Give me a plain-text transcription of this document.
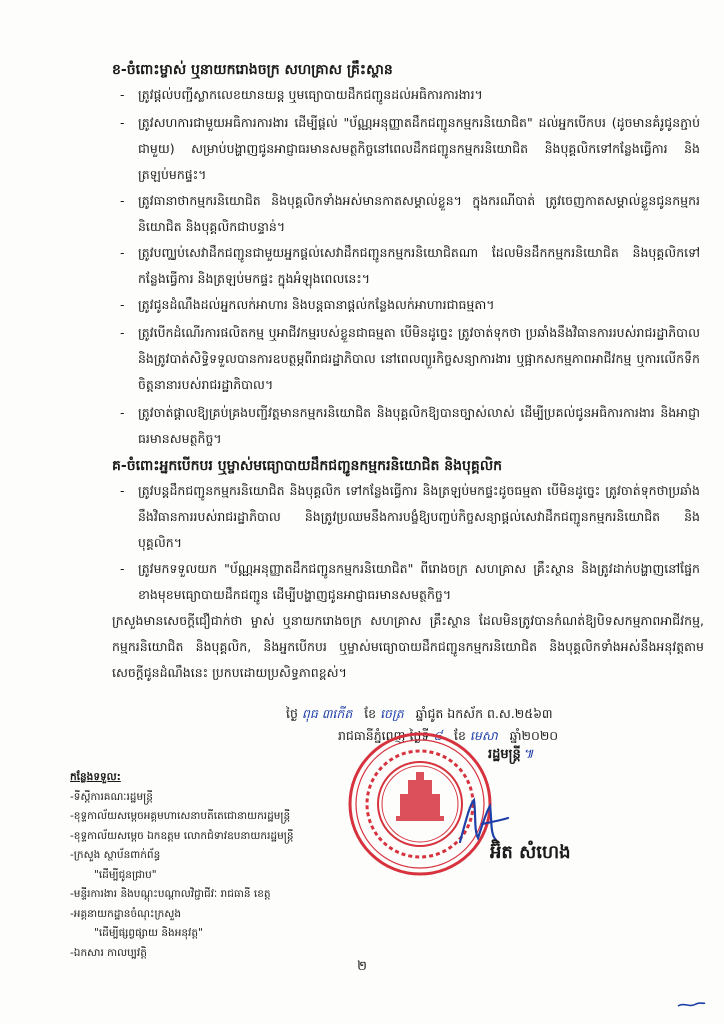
ខ-ចំពោះម្ចាស់ ឬនាយករោងចក្រ សហគ្រាស គ្រឹះស្ថាន
- ត្រូវផ្ដល់បញ្ជីស្លាកលេខយានយន្ត ឬមធ្យោបាយដឹកជញ្ជូនដល់អធិការការងារ។
- ត្រូវសហការជាមួយអធិការការងារ ដើម្បីផ្ដល់ "ប័ណ្ណអនុញ្ញាតដឹកជញ្ជូនកម្មករនិយោជិត" ដល់អ្នកបើកបរ (ដូចមានគំរូជូនភ្ជាប់ជាមួយ) សម្រាប់បង្ហាញជូនអាជ្ញាធរមានសមត្ថកិច្ចនៅពេលដឹកជញ្ជូនកម្មករនិយោជិត និងបុគ្គលិកទៅកន្លែងធ្វើការ និងត្រឡប់មកផ្ទះ។
- ត្រូវធានាថាកម្មករនិយោជិត និងបុគ្គលិកទាំងអស់មានកាតសម្គាល់ខ្លួន។ ក្នុងករណីបាត់ ត្រូវចេញកាតសម្គាល់ខ្លួនជូនកម្មករនិយោជិត និងបុគ្គលិកជាបន្ទាន់។
- ត្រូវបញ្ឈប់សេវាដឹកជញ្ជូនជាមួយអ្នកផ្ដល់សេវាដឹកជញ្ជូនកម្មករនិយោជិតណា ដែលមិនដឹកកម្មករនិយោជិត និងបុគ្គលិកទៅកន្លែងធ្វើការ និងត្រឡប់មកផ្ទះ ក្នុងអំឡុងពេលនេះ។
- ត្រូវជូនដំណឹងដល់អ្នកលក់អាហារ និងបន្តធានាផ្ដល់កន្លែងលក់អាហារជាធម្មតា។
- ត្រូវបើកដំណើរការផលិតកម្ម ឬអាជីវកម្មរបស់ខ្លួនជាធម្មតា បើមិនដូច្នេះ ត្រូវចាត់ទុកថា ប្រឆាំងនឹងវិធានការរបស់រាជរដ្ឋាភិបាល និងត្រូវបាត់សិទ្ធិទទួលបានការឧបត្ថម្ភពីរាជរដ្ឋាភិបាល នៅពេលព្យួរកិច្ចសន្យាការងារ ឬផ្អាកសកម្មភាពអាជីវកម្ម ឬការលើកទឹកចិត្តនានារបស់រាជរដ្ឋាភិបាល។
- ត្រូវចាត់ផ្ដាលឱ្យគ្រប់គ្រងបញ្ជីវត្តមានកម្មករនិយោជិត និងបុគ្គលិកឱ្យបានច្បាស់លាស់ ដើម្បីប្រគល់ជូនអធិការការងារ និងអាជ្ញាធរមានសមត្ថកិច្ច។
គ-ចំពោះអ្នកបើកបរ ឬម្ចាស់មធ្យោបាយដឹកជញ្ជូនកម្មករនិយោជិត និងបុគ្គលិក
- ត្រូវបន្តដឹកជញ្ជូនកម្មករនិយោជិត និងបុគ្គលិក ទៅកន្លែងធ្វើការ និងត្រឡប់មកផ្ទះដូចធម្មតា បើមិនដូច្នេះ ត្រូវចាត់ទុកថាប្រឆាំងនឹងវិធានការរបស់រាជរដ្ឋាភិបាល និងត្រូវប្រឈមនឹងការបង្ខំឱ្យបញ្ចប់កិច្ចសន្យាផ្ដល់សេវាដឹកជញ្ជូនកម្មករនិយោជិត និងបុគ្គលិក។
- ត្រូវមកទទួលយក "ប័ណ្ណអនុញ្ញាតដឹកជញ្ជូនកម្មករនិយោជិត" ពីរោងចក្រ សហគ្រាស គ្រឹះស្ថាន និងត្រូវដាក់បង្ហាញនៅផ្នែកខាងមុខមធ្យោបាយដឹកជញ្ជូន ដើម្បីបង្ហាញជូនអាជ្ញាធរមានសមត្ថកិច្ច។
ក្រសួងមានសេចក្ដីជឿជាក់ថា ម្ចាស់ ឬនាយករោងចក្រ សហគ្រាស គ្រឹះស្ថាន ដែលមិនត្រូវបានកំណត់ឱ្យបិទសកម្មភាពអាជីវកម្ម, កម្មករនិយោជិត និងបុគ្គលិក, និងអ្នកបើកបរ ឬម្ចាស់មធ្យោបាយដឹកជញ្ជូនកម្មករនិយោជិត និងបុគ្គលិកទាំងអស់នឹងអនុវត្តតាមសេចក្ដីជូនដំណឹងនេះ ប្រកបដោយប្រសិទ្ធភាពខ្ពស់។
ថ្ងៃ ពុធ ៣កើត ខែ ចេត្រ ឆ្នាំជូត ឯកស័ក ព.ស.២៥៦៣
រាជធានីភ្នំពេញ ថ្ងៃទី ៨ ខែ មេសា ឆ្នាំ២០២០
រដ្ឋមន្ត្រី ៕
អ៊ិត សំហេង
កន្លែងទទួល:
-ទីស្ដីការគណៈរដ្ឋមន្ត្រី
-ខុទ្ទកាល័យសម្ដេចអគ្គមហាសេនាបតីតេជោនាយករដ្ឋមន្ត្រី
-ខុទ្ទកាល័យសម្ដេច ឯកឧត្ដម លោកជំទាវឧបនាយករដ្ឋមន្ត្រី
-ក្រសួង ស្ថាប័នពាក់ព័ន្ធ
"ដើម្បីជូនជ្រាប"
-មន្ទីរការងារ និងបណ្ដុះបណ្ដាលវិជ្ជាជីវៈ រាជធានី ខេត្ត
-អគ្គនាយកដ្ឋានចំណុះក្រសួង
"ដើម្បីផ្សព្វផ្សាយ និងអនុវត្ត"
-ឯកសារ កាលប្បវត្តិ
២
